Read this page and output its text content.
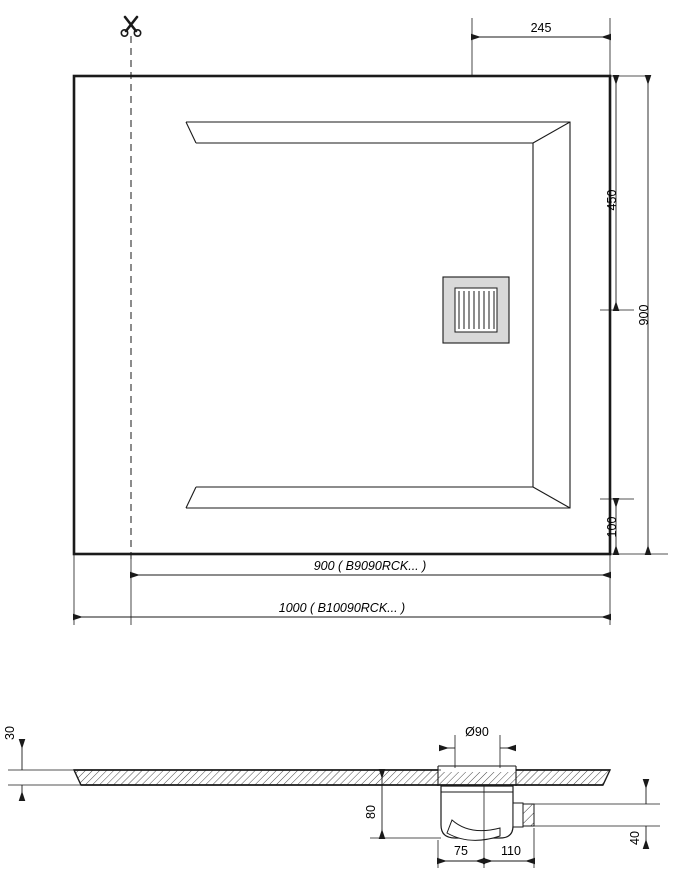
245
450
900
100
900 ( B9090RCK... )
1000 ( B10090RCK... )
30	Ø90
80
40
75	110
